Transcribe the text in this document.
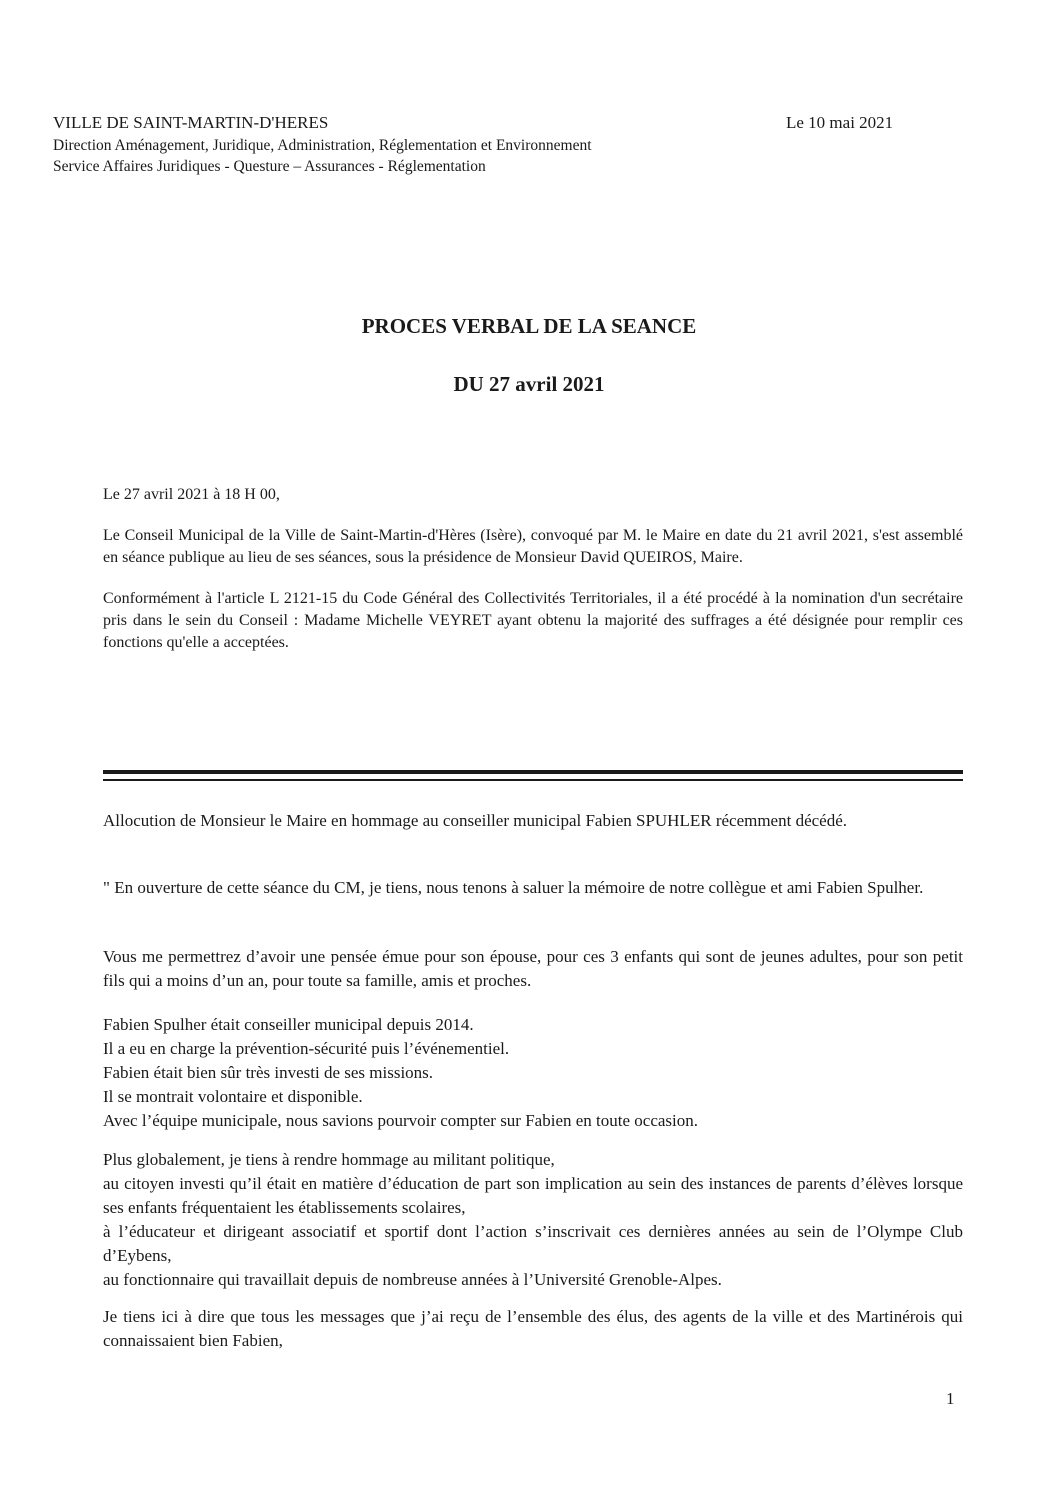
VILLE DE SAINT-MARTIN-D'HERES
Direction Aménagement, Juridique, Administration, Réglementation et Environnement
Service Affaires Juridiques - Questure – Assurances - Réglementation
Le 10 mai 2021
PROCES VERBAL DE LA SEANCE
DU 27 avril 2021
Le 27 avril 2021 à 18 H 00,
Le Conseil Municipal de la Ville de Saint-Martin-d'Hères (Isère), convoqué par M. le Maire en date du 21 avril 2021, s'est assemblé en séance publique au lieu de ses séances, sous la présidence de Monsieur David QUEIROS, Maire.
Conformément à l'article L 2121-15 du Code Général des Collectivités Territoriales, il a été procédé à la nomination d'un secrétaire pris dans le sein du Conseil : Madame Michelle VEYRET ayant obtenu la majorité des suffrages a été désignée pour remplir ces fonctions qu'elle a acceptées.
Allocution de Monsieur le Maire en hommage au conseiller municipal Fabien SPUHLER récemment décédé.
" En ouverture de cette séance du CM, je tiens, nous tenons à saluer la mémoire de notre collègue et ami Fabien Spulher.
Vous me permettrez d’avoir une pensée émue pour son épouse, pour ces 3 enfants qui sont de jeunes adultes, pour son petit fils qui a moins d’un an, pour toute sa famille, amis et proches.
Fabien Spulher était conseiller municipal depuis 2014.
Il a eu en charge la prévention-sécurité puis l’événementiel.
Fabien était bien sûr très investi de ses missions.
Il se montrait volontaire et disponible.
Avec l’équipe municipale, nous savions pourvoir compter sur Fabien en toute occasion.
Plus globalement, je tiens à rendre hommage au militant politique,
au citoyen investi qu’il était en matière d’éducation de part son implication au sein des instances de parents d’élèves lorsque ses enfants fréquentaient les établissements scolaires,
à l’éducateur et dirigeant associatif et sportif dont l’action s’inscrivait ces dernières années au sein de l’Olympe Club d’Eybens,
au fonctionnaire qui travaillait depuis de nombreuse années à l’Université Grenoble-Alpes.
Je tiens ici à dire que tous les messages que j’ai reçu de l’ensemble des élus, des agents de la ville et des Martinérois qui connaissaient bien Fabien,
1
